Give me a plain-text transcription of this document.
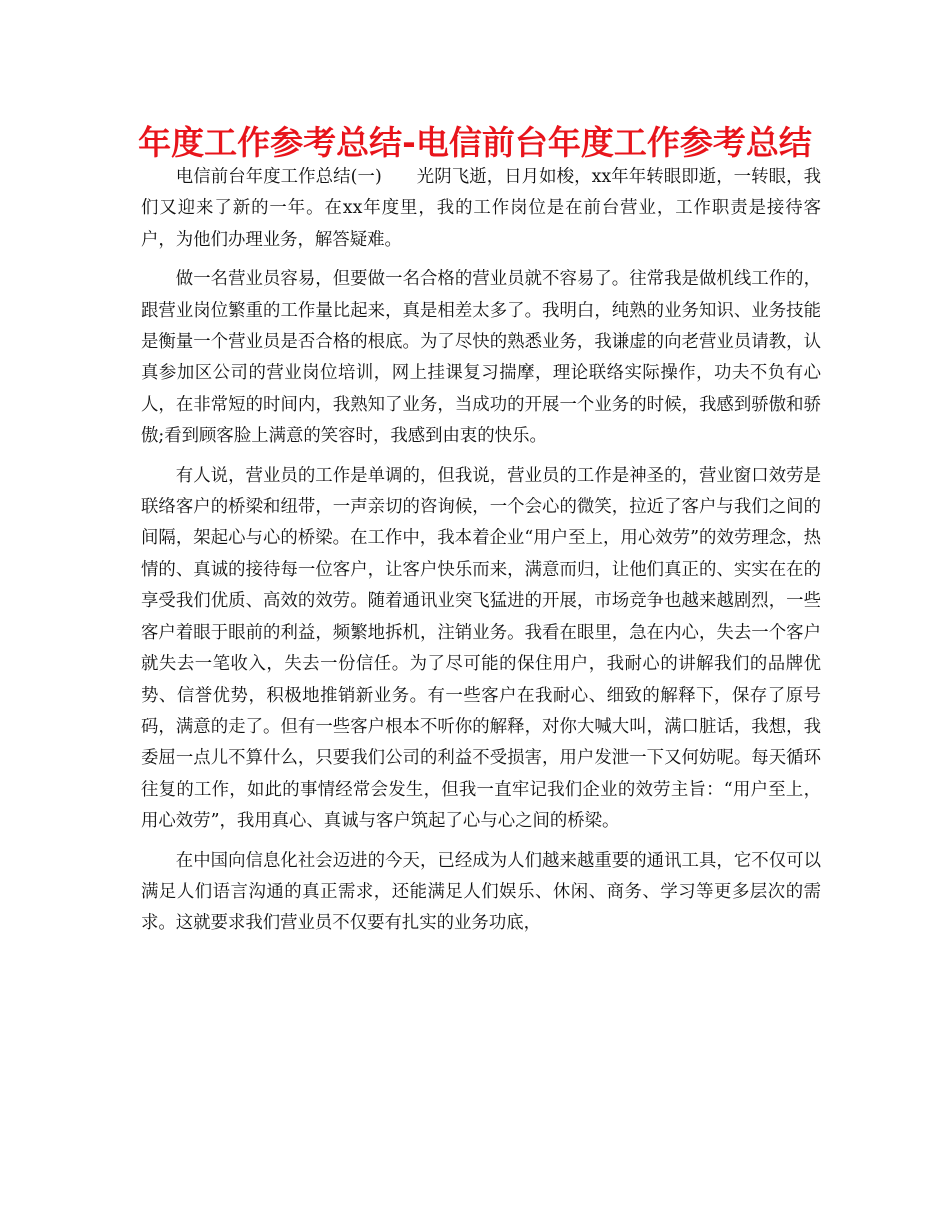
年度工作参考总结-电信前台年度工作参考总结

电信前台年度工作总结(一)　　光阴飞逝，日月如梭，xx年年转眼即逝，一转眼，我们又迎来了新的一年。在xx年度里，我的工作岗位是在前台营业，工作职责是接待客户，为他们办理业务，解答疑难。

做一名营业员容易，但要做一名合格的营业员就不容易了。往常我是做机线工作的，跟营业岗位繁重的工作量比起来，真是相差太多了。我明白，纯熟的业务知识、业务技能是衡量一个营业员是否合格的根底。为了尽快的熟悉业务，我谦虚的向老营业员请教，认真参加区公司的营业岗位培训，网上挂课复习揣摩，理论联络实际操作，功夫不负有心人，在非常短的时间内，我熟知了业务，当成功的开展一个业务的时候，我感到骄傲和骄傲;看到顾客脸上满意的笑容时，我感到由衷的快乐。

有人说，营业员的工作是单调的，但我说，营业员的工作是神圣的，营业窗口效劳是联络客户的桥梁和纽带，一声亲切的咨询候，一个会心的微笑，拉近了客户与我们之间的间隔，架起心与心的桥梁。在工作中，我本着企业“用户至上，用心效劳”的效劳理念，热情的、真诚的接待每一位客户，让客户快乐而来，满意而归，让他们真正的、实实在在的享受我们优质、高效的效劳。随着通讯业突飞猛进的开展，市场竞争也越来越剧烈，一些客户着眼于眼前的利益，频繁地拆机，注销业务。我看在眼里，急在内心，失去一个客户就失去一笔收入，失去一份信任。为了尽可能的保住用户，我耐心的讲解我们的品牌优势、信誉优势，积极地推销新业务。有一些客户在我耐心、细致的解释下，保存了原号码，满意的走了。但有一些客户根本不听你的解释，对你大喊大叫，满口脏话，我想，我委屈一点儿不算什么，只要我们公司的利益不受损害，用户发泄一下又何妨呢。每天循环往复的工作，如此的事情经常会发生，但我一直牢记我们企业的效劳主旨：“用户至上，用心效劳”，我用真心、真诚与客户筑起了心与心之间的桥梁。

在中国向信息化社会迈进的今天，已经成为人们越来越重要的通讯工具，它不仅可以满足人们语言沟通的真正需求，还能满足人们娱乐、休闲、商务、学习等更多层次的需求。这就要求我们营业员不仅要有扎实的业务功底，
